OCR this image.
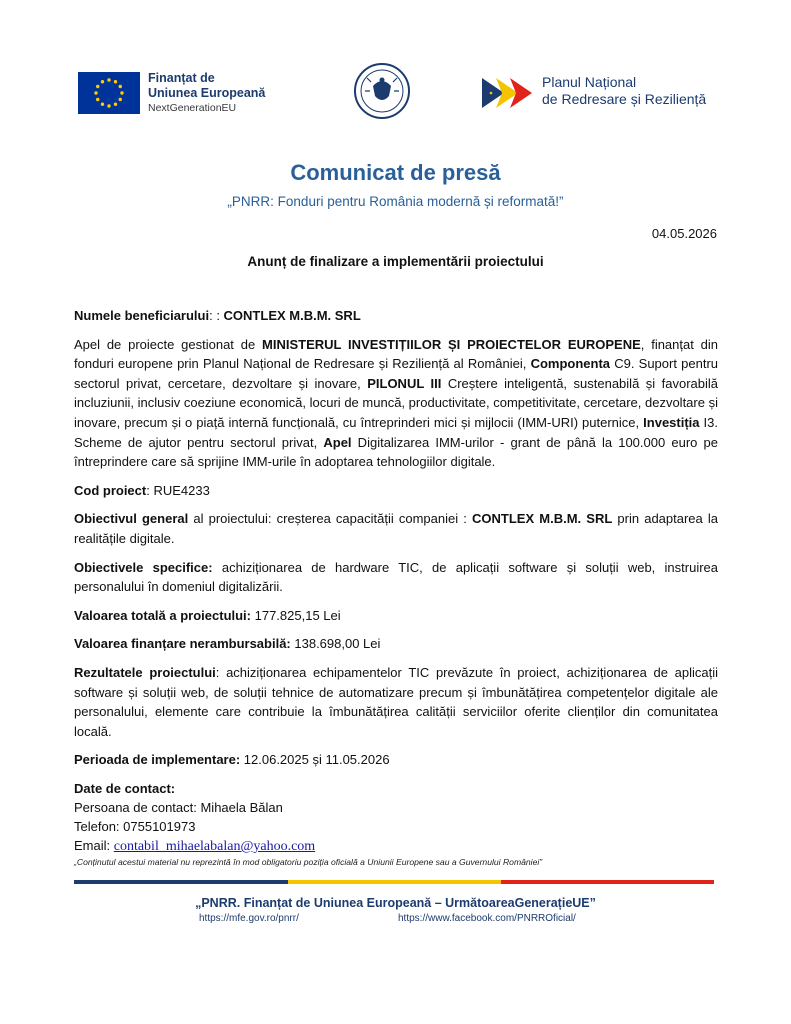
Finanțat de
Uniunea Europeană
NextGenerationEU
Planul Național
de Redresare și Reziliență
Comunicat de presă
„PNRR: Fonduri pentru România modernă și reformată!”
04.05.2026
Anunț de finalizare a implementării proiectului

Numele beneficiarului: : CONTLEX M.B.M. SRL

Apel de proiecte gestionat de MINISTERUL INVESTIȚIILOR ȘI PROIECTELOR EUROPENE, finanțat din fonduri europene prin Planul Național de Redresare și Reziliență al României, Componenta C9. Suport pentru sectorul privat, cercetare, dezvoltare și inovare, PILONUL III Creștere inteligentă, sustenabilă și favorabilă incluziunii, inclusiv coeziune economică, locuri de muncă, productivitate, competitivitate, cercetare, dezvoltare și inovare, precum și o piață internă funcțională, cu întreprinderi mici și mijlocii (IMM-URI) puternice, Investiția I3. Scheme de ajutor pentru sectorul privat, Apel Digitalizarea IMM-urilor - grant de până la 100.000 euro pe întreprindere care să sprijine IMM-urile în adoptarea tehnologiilor digitale.

Cod proiect: RUE4233

Obiectivul general al proiectului: creșterea capacității companiei : CONTLEX M.B.M. SRL prin adaptarea la realitățile digitale.

Obiectivele specifice: achiziționarea de hardware TIC, de aplicații software și soluții web, instruirea personalului în domeniul digitalizării.

Valoarea totală a proiectului: 177.825,15 Lei

Valoarea finanțare nerambursabilă: 138.698,00 Lei

Rezultatele proiectului: achiziționarea echipamentelor TIC prevăzute în proiect, achiziționarea de aplicații software și soluții web, de soluții tehnice de automatizare precum și îmbunătățirea competențelor digitale ale personalului, elemente care contribuie la îmbunătățirea calității serviciilor oferite clienților din comunitatea locală.

Perioada de implementare: 12.06.2025 și 11.05.2026

Date de contact:
Persoana de contact: Mihaela Bălan
Telefon: 0755101973
Email: contabil_mihaelabalan@yahoo.com
„Conținutul acestui material nu reprezintă în mod obligatoriu poziția oficială a Uniunii Europene sau a Guvernului României”
„PNRR. Finanțat de Uniunea Europeană – UrmătoareaGenerațieUE”
https://mfe.gov.ro/pnrr/	https://www.facebook.com/PNRROficial/
